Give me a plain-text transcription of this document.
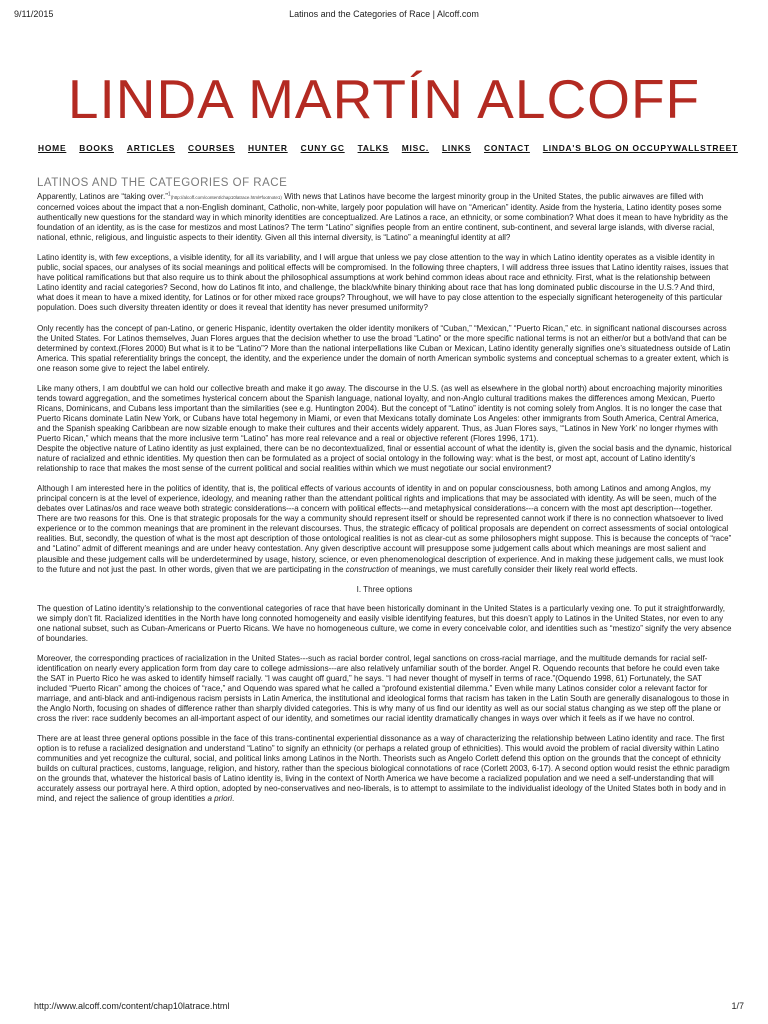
9/11/2015	Latinos and the Categories of Race | Alcoff.com
LINDA MARTÍN ALCOFF
HOME BOOKS ARTICLES COURSES HUNTER CUNY GC TALKS MISC. LINKS CONTACT LINDA'S BLOG ON OCCUPYWALLSTREET
LATINOS AND THE CATEGORIES OF RACE

Apparently, Latinos are “taking over.”$^1$(http://alcoff.com/content/chap10latrace.html#footnote1) With news that Latinos have become the largest minority group in the United States, the public airwaves are filled with concerned voices about the impact that a non-English dominant, Catholic, non-white, largely poor population will have on “American” identity. Aside from the hysteria, Latino identity poses some authentically new questions for the standard way in which minority identities are conceptualized. Are Latinos a race, an ethnicity, or some combination? What does it mean to have hybridity as the foundation of an identity, as is the case for mestizos and most Latinos? The term “Latino” signifies people from an entire continent, sub-continent, and several large islands, with diverse racial, national, ethnic, religious, and linguistic aspects to their identity. Given all this internal diversity, is “Latino” a meaningful identity at all?

Latino identity is, with few exceptions, a visible identity, for all its variability, and I will argue that unless we pay close attention to the way in which Latino identity operates as a visible identity in public, social spaces, our analyses of its social meanings and political effects will be compromised. In the following three chapters, I will address three issues that Latino identity raises, issues that have political ramifications but that also require us to think about the philosophical assumptions at work behind common ideas about race and ethnicity. First, what is the relationship between Latino identity and racial categories? Second, how do Latinos fit into, and challenge, the black/white binary thinking about race that has long dominated public discourse in the U.S.? And third, what does it mean to have a mixed identity, for Latinos or for other mixed race groups? Throughout, we will have to pay close attention to the especially significant heterogeneity of this particular population. Does such diversity threaten identity or does it reveal that identity has never presumed uniformity?

Only recently has the concept of pan-Latino, or generic Hispanic, identity overtaken the older identity monikers of “Cuban,” “Mexican,” “Puerto Rican,” etc. in significant national discourses across the United States. For Latinos themselves, Juan Flores argues that the decision whether to use the broad “Latino” or the more specific national terms is not an either/or but a both/and that can be determined by context.(Flores 2000) But what is it to be “Latino”? More than the national interpellations like Cuban or Mexican, Latino identity generally signifies one’s situatedness outside of Latin America. This spatial referentiality brings the concept, the identity, and the experience under the domain of north American symbolic systems and conceptual schemas to a greater extent, which is one reason some give to reject the label entirely.

Like many others, I am doubtful we can hold our collective breath and make it go away. The discourse in the U.S. (as well as elsewhere in the global north) about encroaching majority minorities tends toward aggregation, and the sometimes hysterical concern about the Spanish language, national loyalty, and non-Anglo cultural traditions makes the differences among Mexican, Puerto Ricans, Dominicans, and Cubans less important than the similarities (see e.g. Huntington 2004). But the concept of “Latino” identity is not coming solely from Anglos. It is no longer the case that Puerto Ricans dominate Latin New York, or Cubans have total hegemony in Miami, or even that Mexicans totally dominate Los Angeles: other immigrants from South America, Central America, and the Spanish speaking Caribbean are now sizable enough to make their cultures and their accents widely apparent. Thus, as Juan Flores says, “‘Latinos in New York’ no longer rhymes with Puerto Rican,” which means that the more inclusive term “Latino” has more real relevance and a real or objective referent (Flores 1996, 171).

Despite the objective nature of Latino identity as just explained, there can be no decontextualized, final or essential account of what the identity is, given the social basis and the dynamic, historical nature of racialized and ethnic identities. My question then can be formulated as a project of social ontology in the following way: what is the best, or most apt, account of Latino identity’s relationship to race that makes the most sense of the current political and social realities within which we must negotiate our social environment?

Although I am interested here in the politics of identity, that is, the political effects of various accounts of identity in and on popular consciousness, both among Latinos and among Anglos, my principal concern is at the level of experience, ideology, and meaning rather than the attendant political rights and implications that may be associated with identity. As will be seen, much of the debates over Latinas/os and race weave both strategic considerations---a concern with political effects---and metaphysical considerations---a concern with the most apt description---together. There are two reasons for this. One is that strategic proposals for the way a community should represent itself or should be represented cannot work if there is no connection whatsoever to lived experience or to the common meanings that are prominent in the relevant discourses. Thus, the strategic efficacy of political proposals are dependent on correct assessments of social ontological realities. But, secondly, the question of what is the most apt description of those ontological realities is not as clear-cut as some philosophers might suppose. This is because the concepts of “race” and “Latino” admit of different meanings and are under heavy contestation. Any given descriptive account will presuppose some judgement calls about which meanings are most salient and plausible and these judgement calls will be underdetermined by usage, history, science, or even phenomenological description of experience. And in making these judgement calls, we must look to the future and not just the past. In other words, given that we are participating in the construction of meanings, we must carefully consider their likely real world effects.

I. Three options

The question of Latino identity’s relationship to the conventional categories of race that have been historically dominant in the United States is a particularly vexing one. To put it straightforwardly, we simply don’t fit. Racialized identities in the North have long connoted homogeneity and easily visible identifying features, but this doesn’t apply to Latinos in the United States, nor even to any one national subset, such as Cuban-Americans or Puerto Ricans. We have no homogeneous culture, we come in every conceivable color, and identities such as “mestizo” signify the very absence of boundaries.

Moreover, the corresponding practices of racialization in the United States---such as racial border control, legal sanctions on cross-racial marriage, and the multitude demands for racial self-identification on nearly every application form from day care to college admissions---are also relatively unfamiliar south of the border. Angel R. Oquendo recounts that before he could even take the SAT in Puerto Rico he was asked to identify himself racially. “I was caught off guard,” he says. “I had never thought of myself in terms of race.”(Oquendo 1998, 61) Fortunately, the SAT included “Puerto Rican” among the choices of “race,” and Oquendo was spared what he called a “profound existential dilemma.” Even while many Latinos consider color a relevant factor for marriage, and anti-black and anti-indigenous racism persists in Latin America, the institutional and ideological forms that racism has taken in the Latin South are generally disanalogous to those in the Anglo North, focusing on shades of difference rather than sharply divided categories. This is why many of us find our identity as well as our social status changing as we step off the plane or cross the river: race suddenly becomes an all-important aspect of our identity, and sometimes our racial identity dramatically changes in ways over which it feels as if we have no control.

There are at least three general options possible in the face of this trans-continental experiential dissonance as a way of characterizing the relationship between Latino identity and race. The first option is to refuse a racialized designation and understand “Latino” to signify an ethnicity (or perhaps a related group of ethnicities). This would avoid the problem of racial diversity within Latino communities and yet recognize the cultural, social, and political links among Latinos in the North. Theorists such as Angelo Corlett defend this option on the grounds that the concept of ethnicity builds on cultural practices, customs, language, religion, and history, rather than the specious biological connotations of race (Corlett 2003, 6-17). A second option would resist the ethnic paradigm on the grounds that, whatever the historical basis of Latino identity is, living in the context of North America we have become a racialized population and we need a self-understanding that will accurately assess our portrayal here. A third option, adopted by neo-conservatives and neo-liberals, is to attempt to assimilate to the individualist ideology of the United States both in body and in mind, and reject the salience of group identities a priori.

http://www.alcoff.com/content/chap10latrace.html	1/7
